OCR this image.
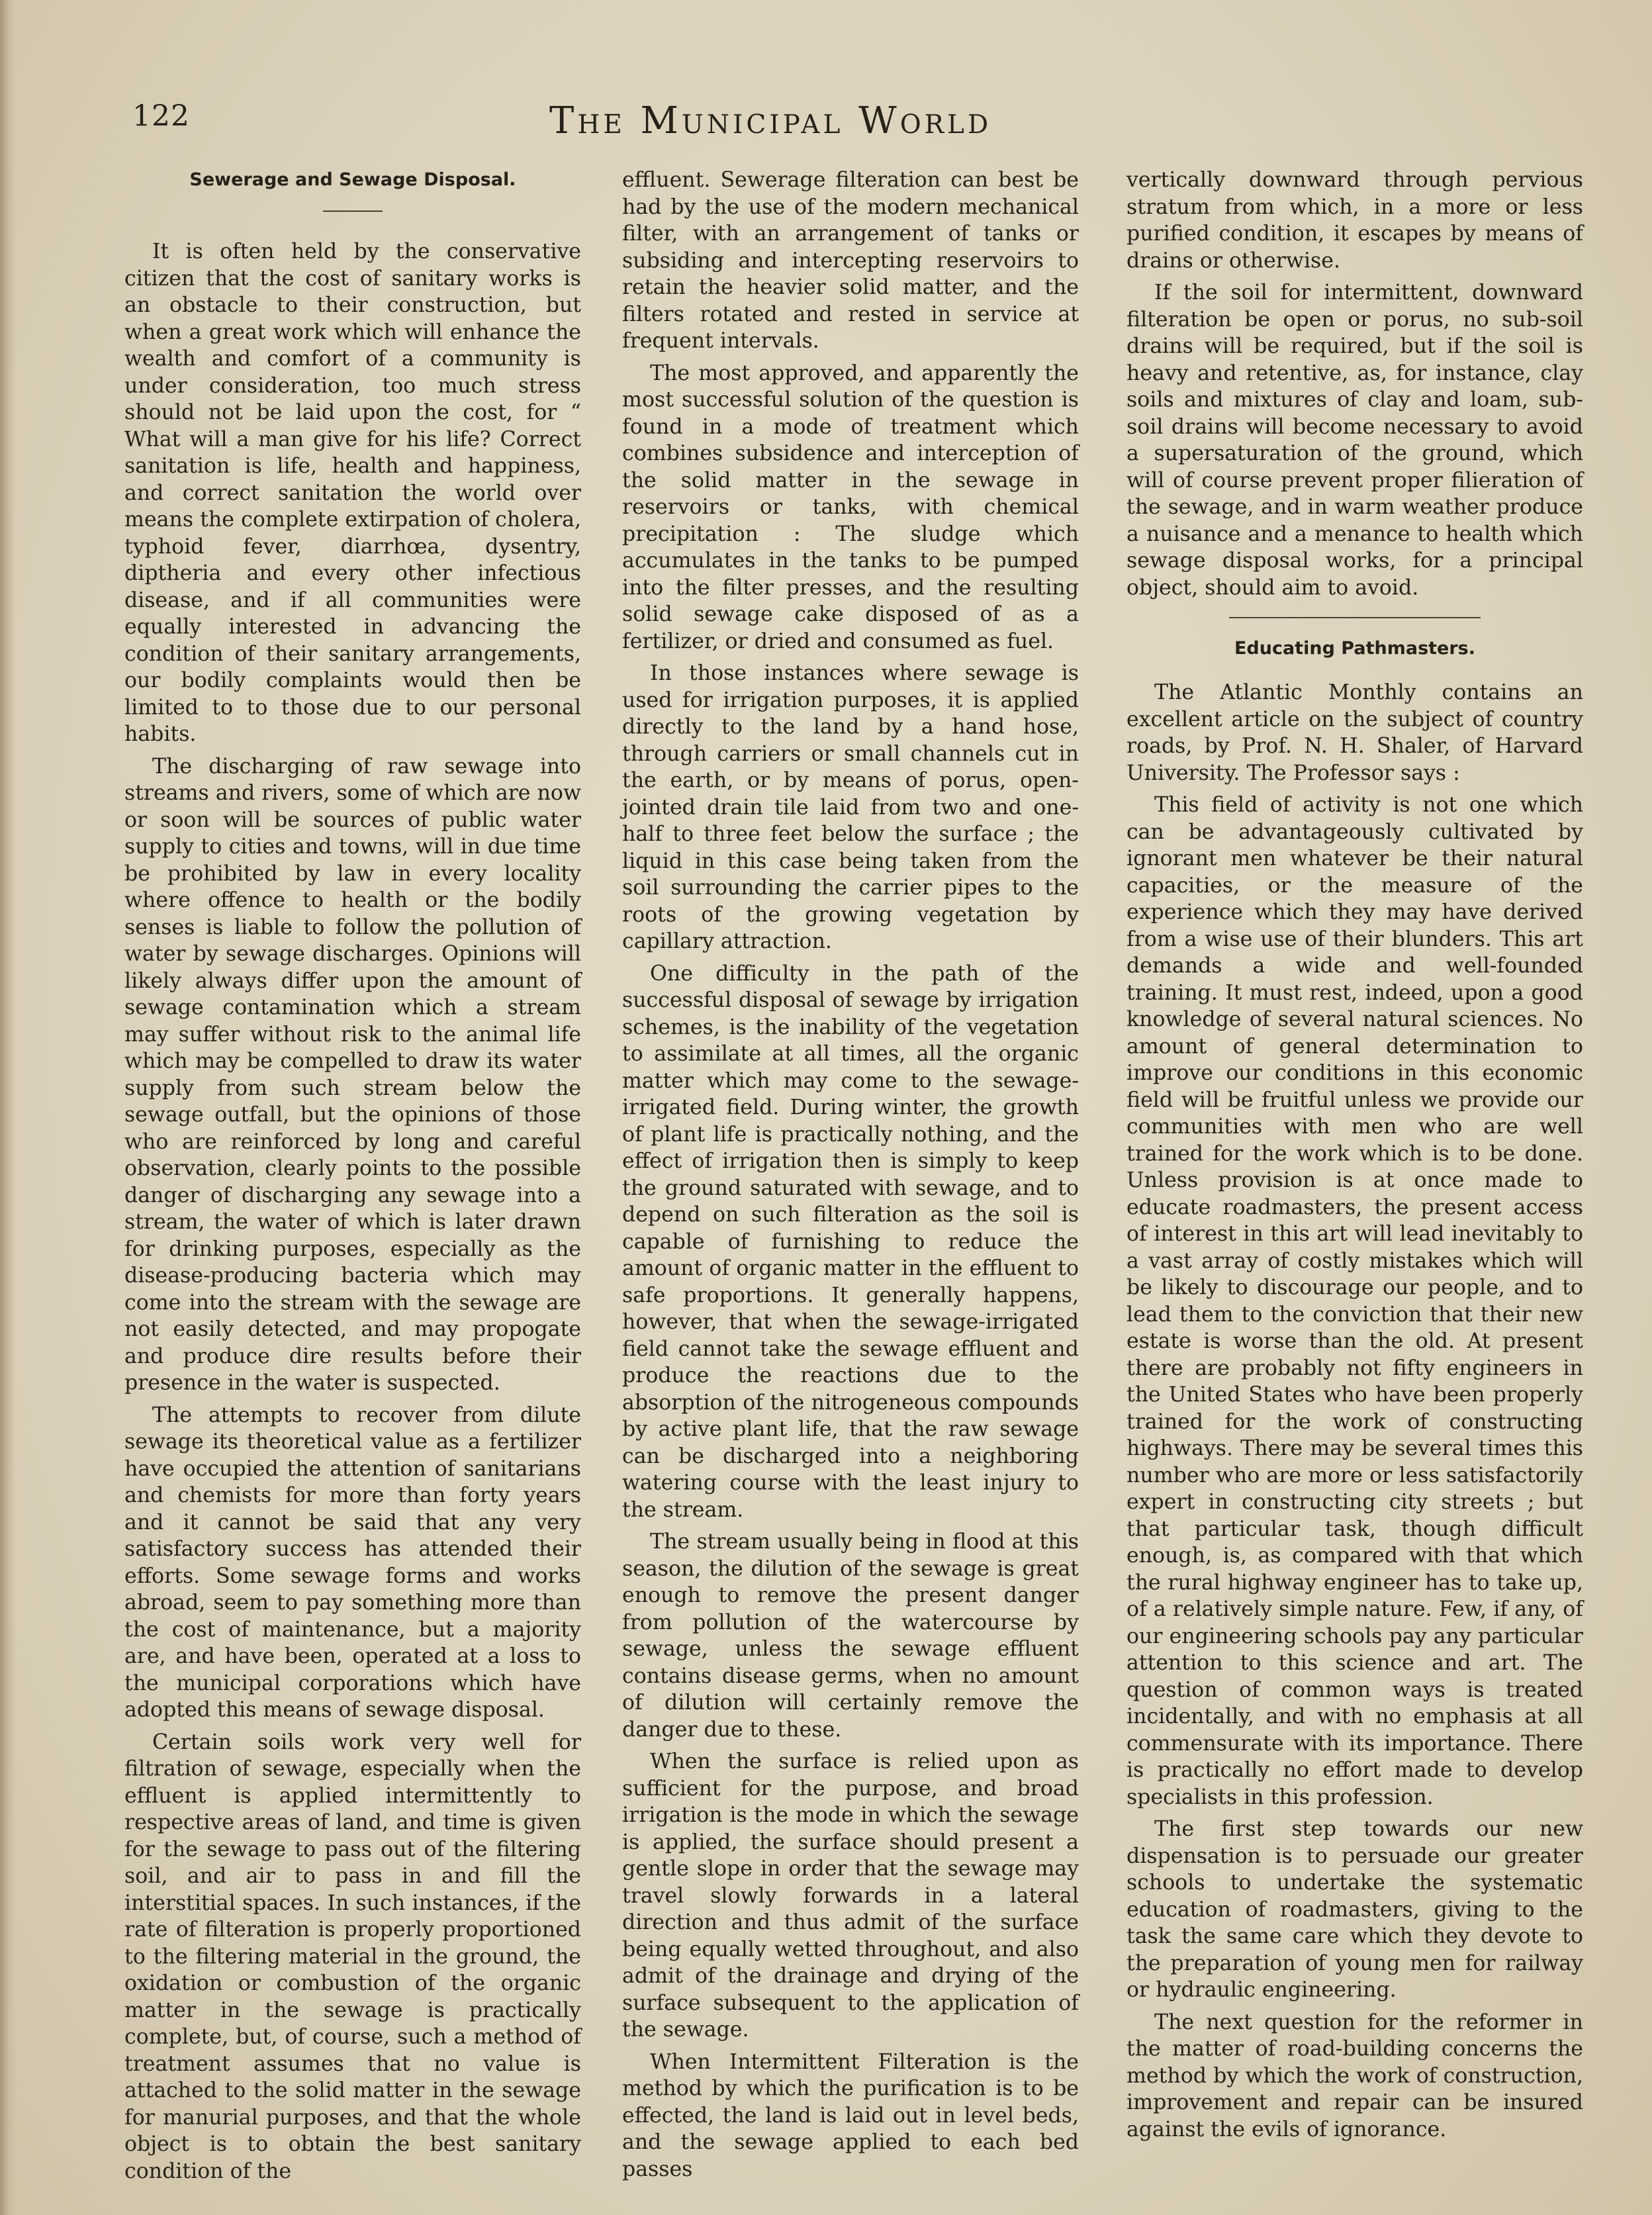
122	The Municipal World
Sewerage and Sewage Disposal.

It is often held by the conservative citizen that the cost of sanitary works is an obstacle to their construction, but when a great work which will enhance the wealth and comfort of a community is under consideration, too much stress should not be laid upon the cost, for “ What will a man give for his life? Correct sanitation is life, health and happiness, and correct sanitation the world over means the complete extirpation of cholera, typhoid fever, diarrhœa, dysentry, diptheria and every other infectious disease, and if all communities were equally interested in advancing the condition of their sanitary arrangements, our bodily complaints would then be limited to to those due to our personal habits.

The discharging of raw sewage into streams and rivers, some of which are now or soon will be sources of public water supply to cities and towns, will in due time be prohibited by law in every locality where offence to health or the bodily senses is liable to follow the pollution of water by sewage discharges. Opinions will likely always differ upon the amount of sewage contamination which a stream may suffer without risk to the animal life which may be compelled to draw its water supply from such stream below the sewage outfall, but the opinions of those who are reinforced by long and careful observation, clearly points to the possible danger of discharging any sewage into a stream, the water of which is later drawn for drinking purposes, especially as the disease-producing bacteria which may come into the stream with the sewage are not easily detected, and may propogate and produce dire results before their presence in the water is suspected.

The attempts to recover from dilute sewage its theoretical value as a fertilizer have occupied the attention of sanitarians and chemists for more than forty years and it cannot be said that any very satisfactory success has attended their efforts. Some sewage forms and works abroad, seem to pay something more than the cost of maintenance, but a majority are, and have been, operated at a loss to the municipal corporations which have adopted this means of sewage disposal.

Certain soils work very well for filtration of sewage, especially when the effluent is applied intermittently to respective areas of land, and time is given for the sewage to pass out of the filtering soil, and air to pass in and fill the interstitial spaces. In such instances, if the rate of filteration is properly proportioned to the filtering material in the ground, the oxidation or combustion of the organic matter in the sewage is practically complete, but, of course, such a method of treatment assumes that no value is attached to the solid matter in the sewage for manurial purposes, and that the whole object is to obtain the best sanitary condition of the

effluent. Sewerage filteration can best be had by the use of the modern mechanical filter, with an arrangement of tanks or subsiding and intercepting reservoirs to retain the heavier solid matter, and the filters rotated and rested in service at frequent intervals.

The most approved, and apparently the most successful solution of the question is found in a mode of treatment which combines subsidence and interception of the solid matter in the sewage in reservoirs or tanks, with chemical precipitation : The sludge which accumulates in the tanks to be pumped into the filter presses, and the resulting solid sewage cake disposed of as a fertilizer, or dried and consumed as fuel.

In those instances where sewage is used for irrigation purposes, it is applied directly to the land by a hand hose, through carriers or small channels cut in the earth, or by means of porus, open-jointed drain tile laid from two and one-half to three feet below the surface ; the liquid in this case being taken from the soil surrounding the carrier pipes to the roots of the growing vegetation by capillary attraction.

One difficulty in the path of the successful disposal of sewage by irrigation schemes, is the inability of the vegetation to assimilate at all times, all the organic matter which may come to the sewage-irrigated field. During winter, the growth of plant life is practically nothing, and the effect of irrigation then is simply to keep the ground saturated with sewage, and to depend on such filteration as the soil is capable of furnishing to reduce the amount of organic matter in the effluent to safe proportions. It generally happens, however, that when the sewage-irrigated field cannot take the sewage effluent and produce the reactions due to the absorption of the nitrogeneous compounds by active plant life, that the raw sewage can be discharged into a neighboring watering course with the least injury to the stream.

The stream usually being in flood at this season, the dilution of the sewage is great enough to remove the present danger from pollution of the watercourse by sewage, unless the sewage effluent contains disease germs, when no amount of dilution will certainly remove the danger due to these.

When the surface is relied upon as sufficient for the purpose, and broad irrigation is the mode in which the sewage is applied, the surface should present a gentle slope in order that the sewage may travel slowly forwards in a lateral direction and thus admit of the surface being equally wetted throughout, and also admit of the drainage and drying of the surface subsequent to the application of the sewage.

When Intermittent Filteration is the method by which the purification is to be effected, the land is laid out in level beds, and the sewage applied to each bed passes

vertically downward through pervious stratum from which, in a more or less purified condition, it escapes by means of drains or otherwise.

If the soil for intermittent, downward filteration be open or porus, no sub-soil drains will be required, but if the soil is heavy and retentive, as, for instance, clay soils and mixtures of clay and loam, sub-soil drains will become necessary to avoid a supersaturation of the ground, which will of course prevent proper filieration of the sewage, and in warm weather produce a nuisance and a menance to health which sewage disposal works, for a principal object, should aim to avoid.

Educating Pathmasters.

The Atlantic Monthly contains an excellent article on the subject of country roads, by Prof. N. H. Shaler, of Harvard University. The Professor says :

This field of activity is not one which can be advantageously cultivated by ignorant men whatever be their natural capacities, or the measure of the experience which they may have derived from a wise use of their blunders. This art demands a wide and well-founded training. It must rest, indeed, upon a good knowledge of several natural sciences. No amount of general determination to improve our conditions in this economic field will be fruitful unless we provide our communities with men who are well trained for the work which is to be done. Unless provision is at once made to educate roadmasters, the present access of interest in this art will lead inevitably to a vast array of costly mistakes which will be likely to discourage our people, and to lead them to the conviction that their new estate is worse than the old. At present there are probably not fifty engineers in the United States who have been properly trained for the work of constructing highways. There may be several times this number who are more or less satisfactorily expert in constructing city streets ; but that particular task, though difficult enough, is, as compared with that which the rural highway engineer has to take up, of a relatively simple nature. Few, if any, of our engineering schools pay any particular attention to this science and art. The question of common ways is treated incidentally, and with no emphasis at all commensurate with its importance. There is practically no effort made to develop specialists in this profession.

The first step towards our new dispensation is to persuade our greater schools to undertake the systematic education of roadmasters, giving to the task the same care which they devote to the preparation of young men for railway or hydraulic engineering.

The next question for the reformer in the matter of road-building concerns the method by which the work of construction, improvement and repair can be insured against the evils of ignorance.
